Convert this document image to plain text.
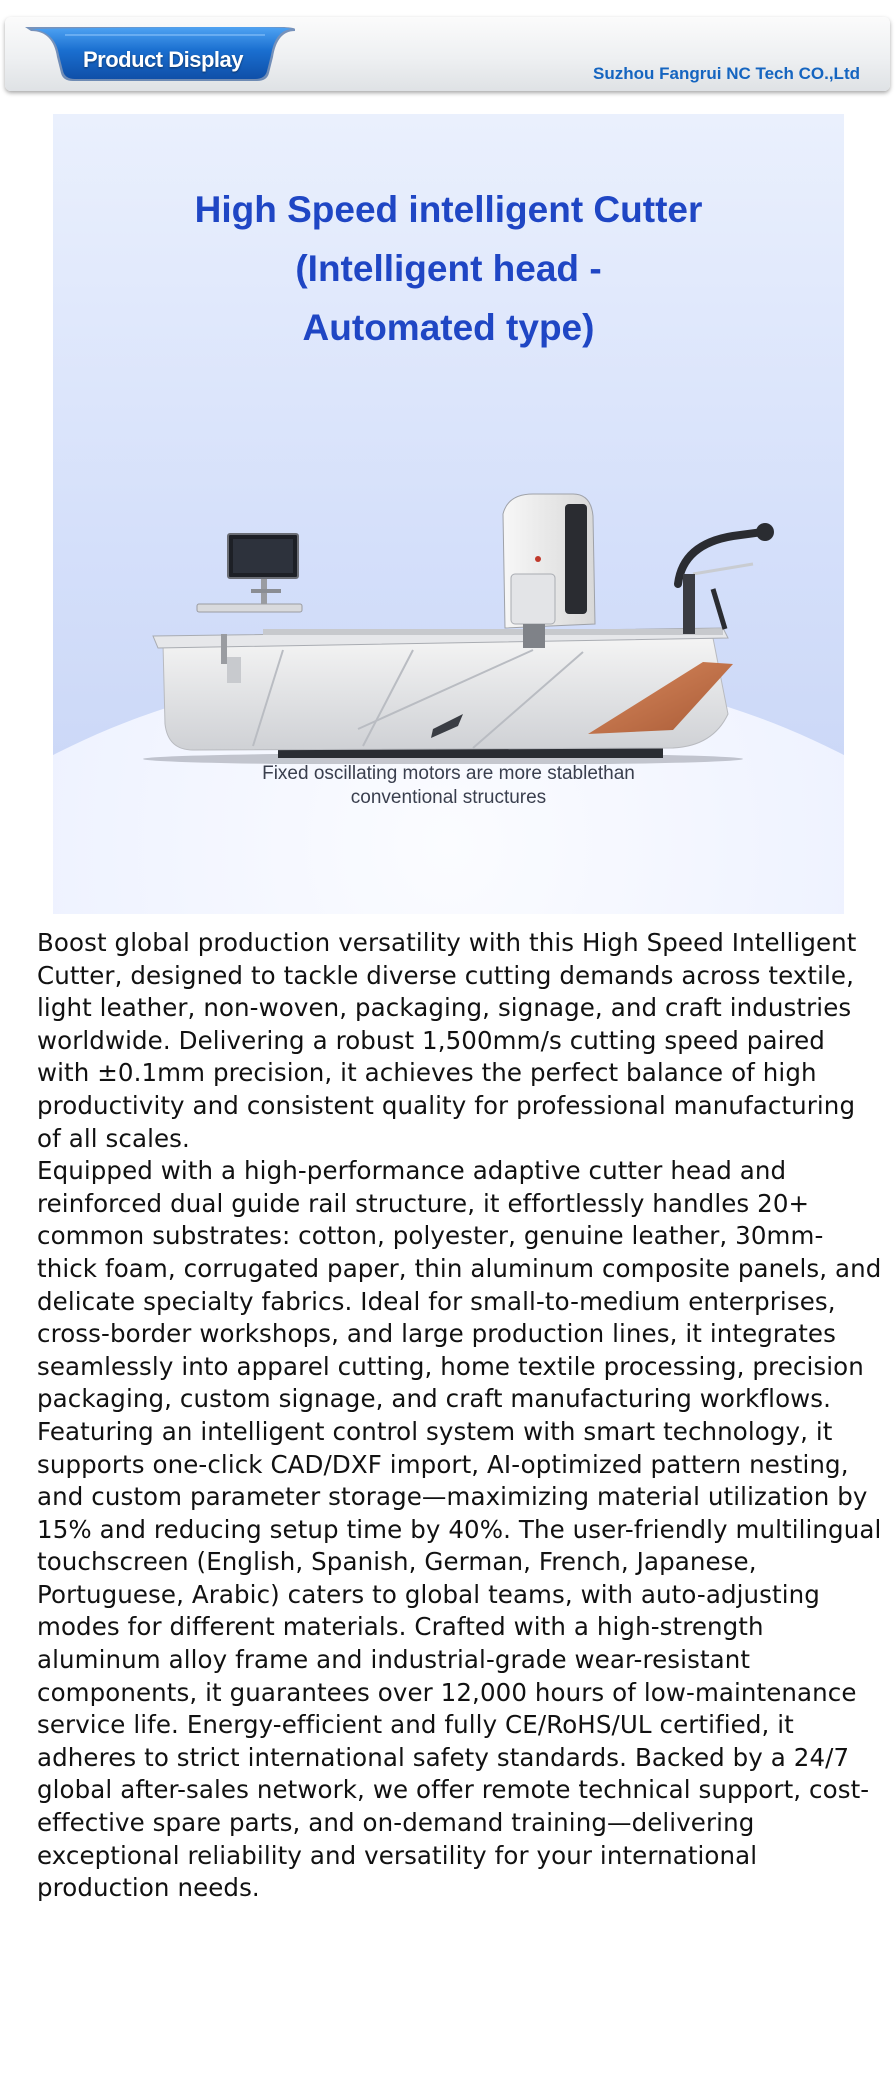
Product Display
Suzhou Fangrui NC Tech CO.,Ltd
High Speed intelligent Cutter
(Intelligent head -
Automated type)
Fixed oscillating motors are more stablethan
conventional structures

Boost global production versatility with this High Speed Intelligent Cutter, designed to tackle diverse cutting demands across textile, light leather, non-woven, packaging, signage, and craft industries worldwide. Delivering a robust 1,500mm/s cutting speed paired with ±0.1mm precision, it achieves the perfect balance of high productivity and consistent quality for professional manufacturing of all scales.

Equipped with a high-performance adaptive cutter head and reinforced dual guide rail structure, it effortlessly handles 20+ common substrates: cotton, polyester, genuine leather, 30mm-thick foam, corrugated paper, thin aluminum composite panels, and delicate specialty fabrics. Ideal for small-to-medium enterprises, cross-border workshops, and large production lines, it integrates seamlessly into apparel cutting, home textile processing, precision packaging, custom signage, and craft manufacturing workflows.

Featuring an intelligent control system with smart technology, it supports one-click CAD/DXF import, AI-optimized pattern nesting, and custom parameter storage—maximizing material utilization by 15% and reducing setup time by 40%. The user-friendly multilingual touchscreen (English, Spanish, German, French, Japanese, Portuguese, Arabic) caters to global teams, with auto-adjusting modes for different materials. Crafted with a high-strength aluminum alloy frame and industrial-grade wear-resistant components, it guarantees over 12,000 hours of low-maintenance service life. Energy-efficient and fully CE/RoHS/UL certified, it adheres to strict international safety standards. Backed by a 24/7 global after-sales network, we offer remote technical support, cost-effective spare parts, and on-demand training—delivering exceptional reliability and versatility for your international production needs.
